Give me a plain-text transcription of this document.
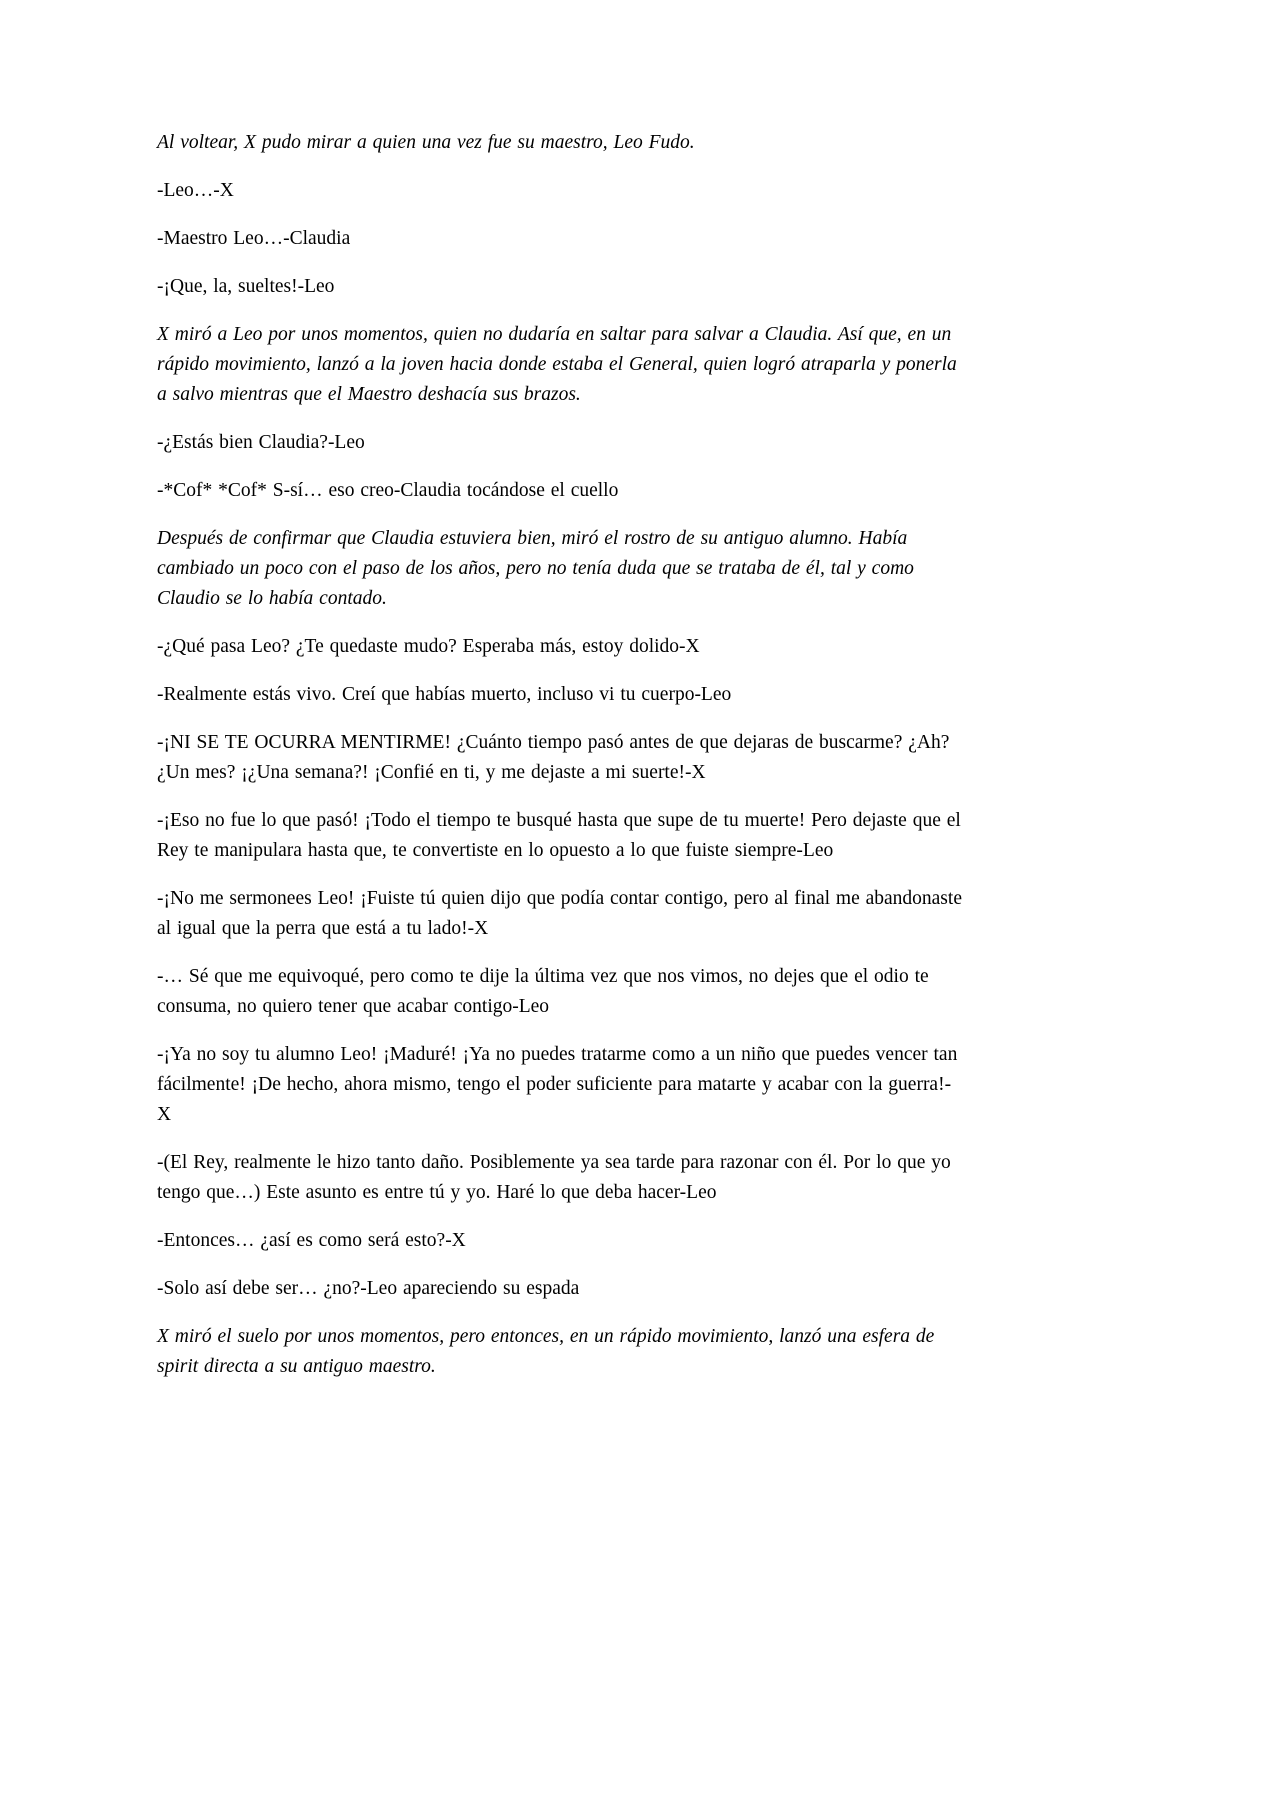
Al voltear, X pudo mirar a quien una vez fue su maestro, Leo Fudo.

-Leo…-X

-Maestro Leo…-Claudia

-¡Que, la, sueltes!-Leo

X miró a Leo por unos momentos, quien no dudaría en saltar para salvar a Claudia. Así que, en un rápido movimiento, lanzó a la joven hacia donde estaba el General, quien logró atraparla y ponerla a salvo mientras que el Maestro deshacía sus brazos.

-¿Estás bien Claudia?-Leo

-*Cof* *Cof* S-sí… eso creo-Claudia tocándose el cuello

Después de confirmar que Claudia estuviera bien, miró el rostro de su antiguo alumno. Había cambiado un poco con el paso de los años, pero no tenía duda que se trataba de él, tal y como Claudio se lo había contado.

-¿Qué pasa Leo? ¿Te quedaste mudo? Esperaba más, estoy dolido-X

-Realmente estás vivo. Creí que habías muerto, incluso vi tu cuerpo-Leo

-¡NI SE TE OCURRA MENTIRME! ¿Cuánto tiempo pasó antes de que dejaras de buscarme? ¿Ah? ¿Un mes? ¡¿Una semana?! ¡Confié en ti, y me dejaste a mi suerte!-X

-¡Eso no fue lo que pasó! ¡Todo el tiempo te busqué hasta que supe de tu muerte! Pero dejaste que el Rey te manipulara hasta que, te convertiste en lo opuesto a lo que fuiste siempre-Leo

-¡No me sermonees Leo! ¡Fuiste tú quien dijo que podía contar contigo, pero al final me abandonaste al igual que la perra que está a tu lado!-X

-… Sé que me equivoqué, pero como te dije la última vez que nos vimos, no dejes que el odio te consuma, no quiero tener que acabar contigo-Leo

-¡Ya no soy tu alumno Leo! ¡Maduré! ¡Ya no puedes tratarme como a un niño que puedes vencer tan fácilmente! ¡De hecho, ahora mismo, tengo el poder suficiente para matarte y acabar con la guerra!-X

-(El Rey, realmente le hizo tanto daño. Posiblemente ya sea tarde para razonar con él. Por lo que yo tengo que…) Este asunto es entre tú y yo. Haré lo que deba hacer-Leo

-Entonces… ¿así es como será esto?-X

-Solo así debe ser… ¿no?-Leo apareciendo su espada

X miró el suelo por unos momentos, pero entonces, en un rápido movimiento, lanzó una esfera de spirit directa a su antiguo maestro.
